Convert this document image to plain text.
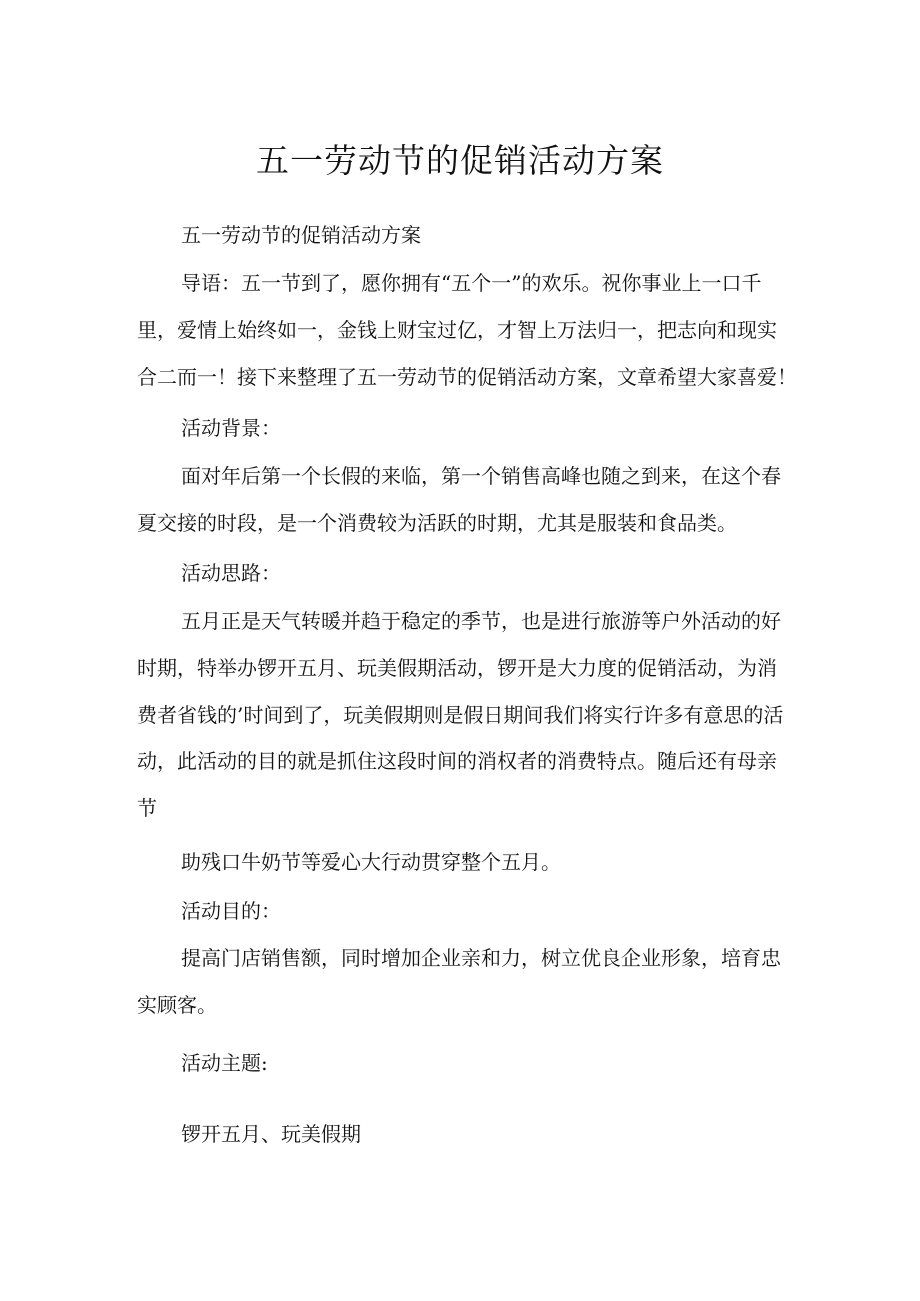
五一劳动节的促销活动方案

五一劳动节的促销活动方案

导语：五一节到了，愿你拥有“五个一”的欢乐。祝你事业上一口千
里，爱情上始终如一，金钱上财宝过亿，才智上万法归一，把志向和现实
合二而一！接下来整理了五一劳动节的促销活动方案，文章希望大家喜爱！

活动背景：

面对年后第一个长假的来临，第一个销售高峰也随之到来，在这个春
夏交接的时段，是一个消费较为活跃的时期，尤其是服装和食品类。

活动思路：

五月正是天气转暖并趋于稳定的季节，也是进行旅游等户外活动的好
时期，特举办锣开五月、玩美假期活动，锣开是大力度的促销活动，为消
费者省钱的’时间到了，玩美假期则是假日期间我们将实行许多有意思的活
动，此活动的目的就是抓住这段时间的消权者的消费特点。随后还有母亲
节

助残口牛奶节等爱心大行动贯穿整个五月。

活动目的：

提高门店销售额，同时增加企业亲和力，树立优良企业形象，培育忠
实顾客。

活动主题:

锣开五月、玩美假期
